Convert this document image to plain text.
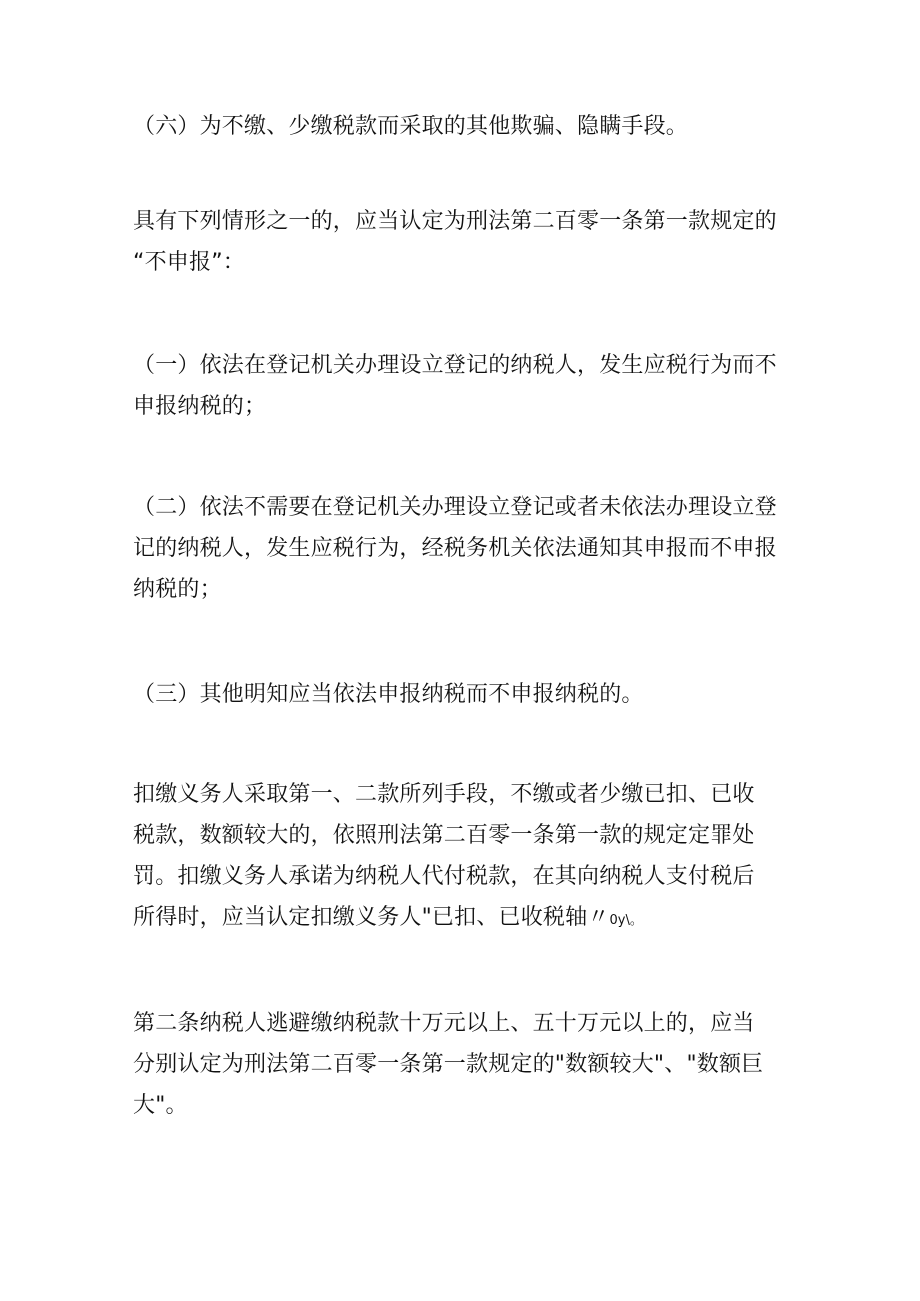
（六）为不缴、少缴税款而采取的其他欺骗、隐瞒手段。

具有下列情形之一的，应当认定为刑法第二百零一条第一款规定的
“不申报”：

（一）依法在登记机关办理设立登记的纳税人，发生应税行为而不
申报纳税的；

（二）依法不需要在登记机关办理设立登记或者未依法办理设立登
记的纳税人，发生应税行为，经税务机关依法通知其申报而不申报
纳税的；

（三）其他明知应当依法申报纳税而不申报纳税的。

扣缴义务人采取第一、二款所列手段，不缴或者少缴已扣、已收
税款，数额较大的，依照刑法第二百零一条第一款的规定定罪处
罚。扣缴义务人承诺为纳税人代付税款，在其向纳税人支付税后
所得时，应当认定扣缴义务人"已扣、已收税轴〃0y\。

第二条纳税人逃避缴纳税款十万元以上、五十万元以上的，应当
分别认定为刑法第二百零一条第一款规定的"数额较大"、"数额巨
大"。
